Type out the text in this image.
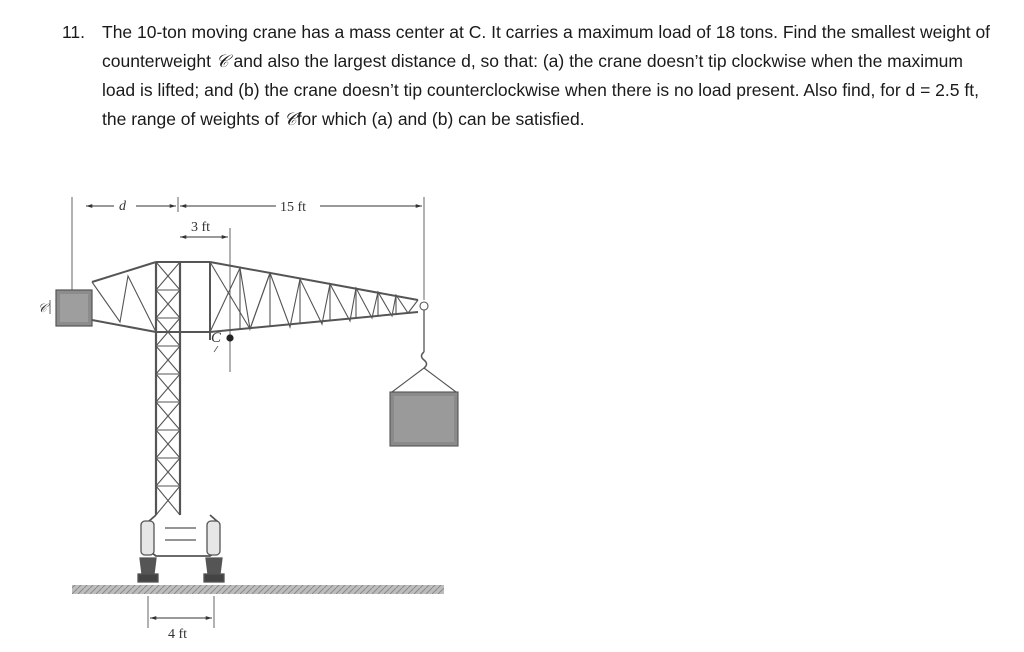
11. The 10-ton moving crane has a mass center at C. It carries a maximum load of 18 tons. Find the smallest weight of counterweight 𝒞 and also the largest distance d, so that: (a) the crane doesn’t tip clockwise when the maximum load is lifted; and (b) the crane doesn’t tip counterclockwise when there is no load present. Also find, for d = 2.5 ft, the range of weights of 𝒞for which (a) and (b) can be satisfied.
d	15 ft
3 ft
𝒞
C
4 ft
